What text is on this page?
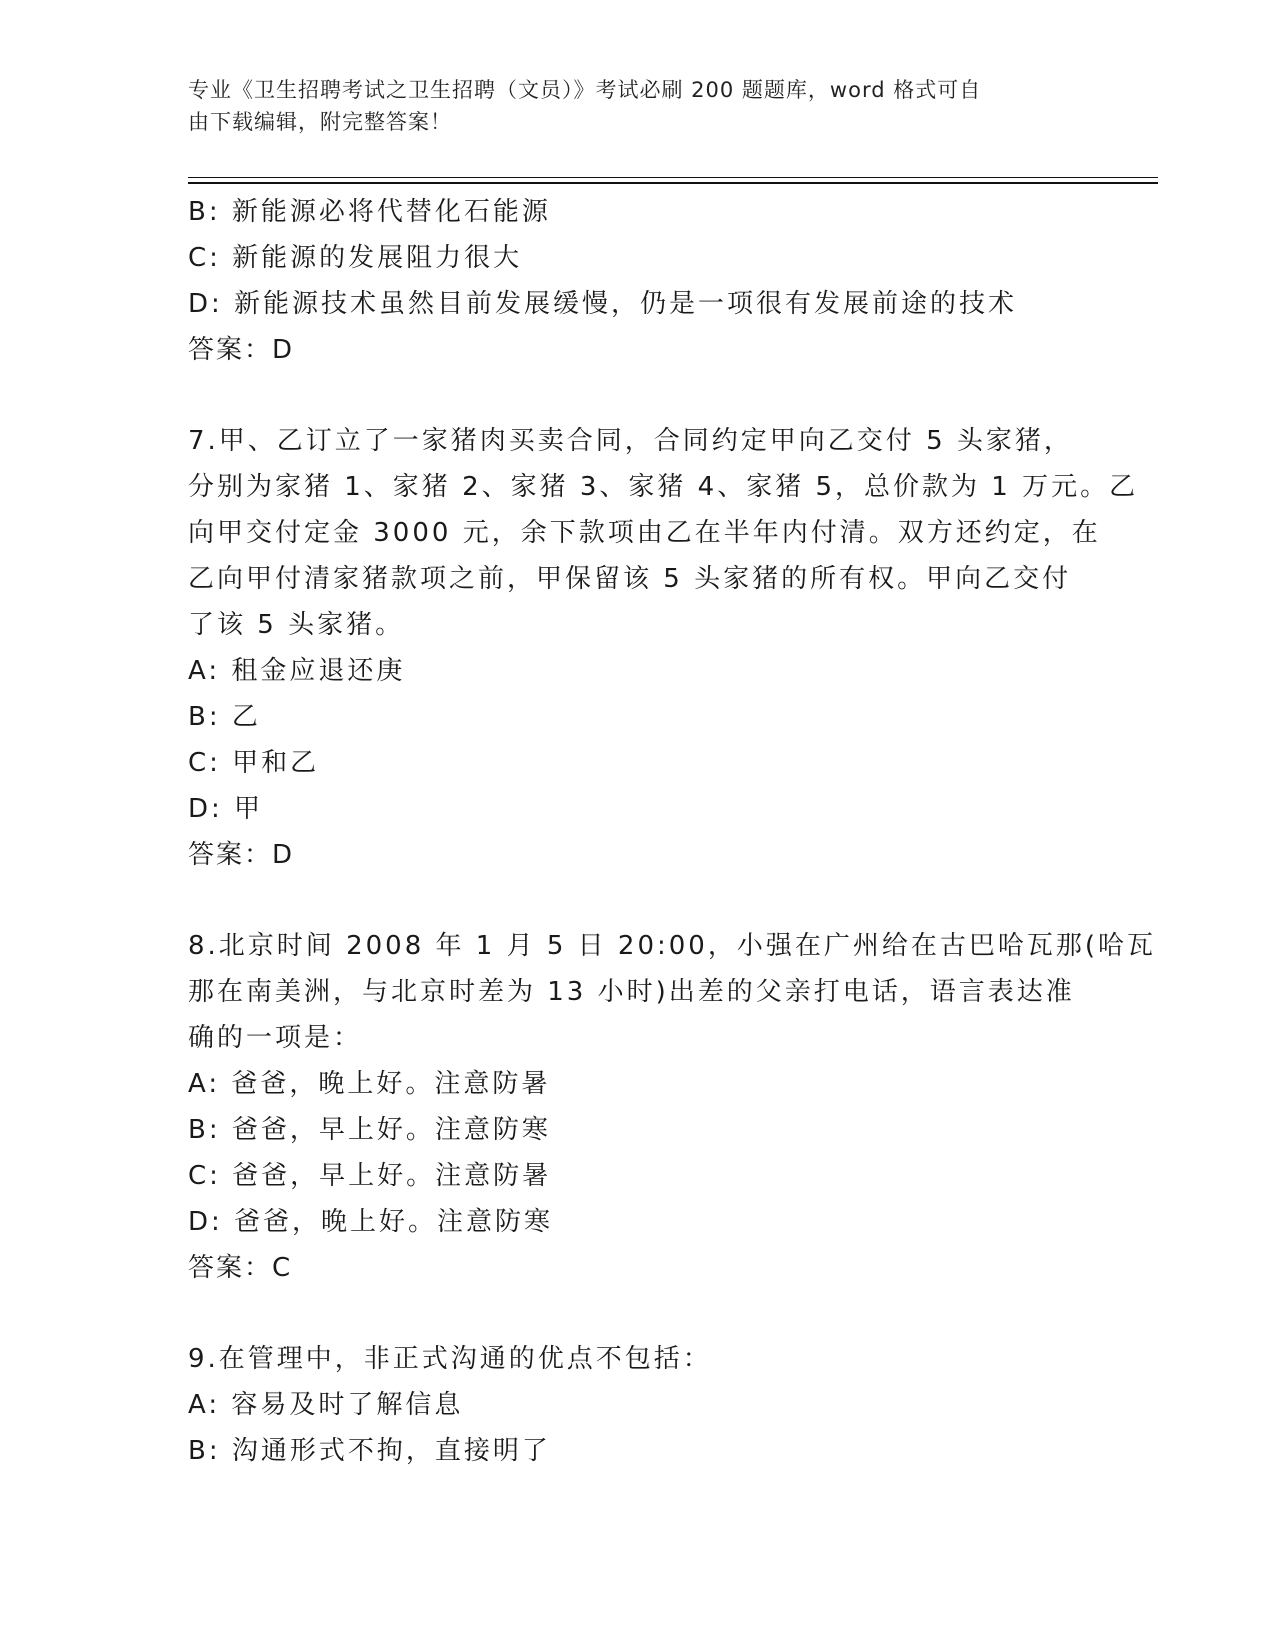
专业《卫生招聘考试之卫生招聘（文员）》考试必刷 200 题题库，word 格式可自
由下载编辑，附完整答案！
B: 新能源必将代替化石能源
C: 新能源的发展阻力很大
D: 新能源技术虽然目前发展缓慢，仍是一项很有发展前途的技术
答案：D
7.甲、乙订立了一家猪肉买卖合同，合同约定甲向乙交付 5 头家猪，
分别为家猪 1、家猪 2、家猪 3、家猪 4、家猪 5，总价款为 1 万元。乙
向甲交付定金 3000 元，余下款项由乙在半年内付清。双方还约定，在
乙向甲付清家猪款项之前，甲保留该 5 头家猪的所有权。甲向乙交付
了该 5 头家猪。
A: 租金应退还庚
B: 乙
C: 甲和乙
D: 甲
答案：D
8.北京时间 2008 年 1 月 5 日 20:00，小强在广州给在古巴哈瓦那(哈瓦
那在南美洲，与北京时差为 13 小时)出差的父亲打电话，语言表达准
确的一项是：
A: 爸爸，晚上好。注意防暑
B: 爸爸，早上好。注意防寒
C: 爸爸，早上好。注意防暑
D: 爸爸，晚上好。注意防寒
答案：C
9.在管理中，非正式沟通的优点不包括：
A: 容易及时了解信息
B: 沟通形式不拘，直接明了
